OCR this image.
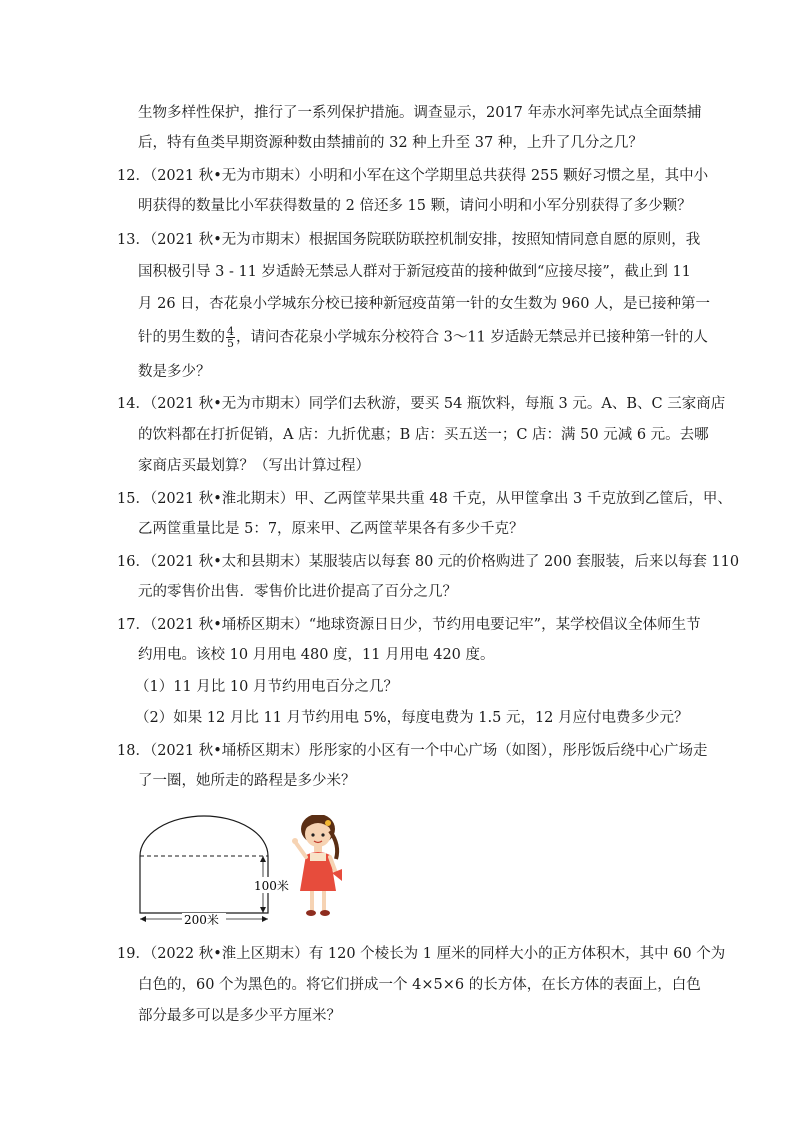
生物多样性保护，推行了一系列保护措施。调查显示，2017 年赤水河率先试点全面禁捕
后，特有鱼类早期资源种数由禁捕前的 32 种上升至 37 种，上升了几分之几？
12．（2021 秋•无为市期末）小明和小军在这个学期里总共获得 255 颗好习惯之星，其中小
明获得的数量比小军获得数量的 2 倍还多 15 颗，请问小明和小军分别获得了多少颗？
13．（2021 秋•无为市期末）根据国务院联防联控机制安排，按照知情同意自愿的原则，我
国积极引导 3 - 11 岁适龄无禁忌人群对于新冠疫苗的接种做到“应接尽接”，截止到 11
月 26 日，杏花泉小学城东分校已接种新冠疫苗第一针的女生数为 960 人，是已接种第一
针的男生数的 $\frac{4}{5}$ ，请问杏花泉小学城东分校符合 3～11 岁适龄无禁忌并已接种第一针的人
数是多少？
14．（2021 秋•无为市期末）同学们去秋游，要买 54 瓶饮料，每瓶 3 元。A、B、C 三家商店
的饮料都在打折促销，A 店：九折优惠；B 店：买五送一；C 店：满 50 元减 6 元。去哪
家商店买最划算？（写出计算过程）
15．（2021 秋•淮北期末）甲、乙两筐苹果共重 48 千克，从甲筐拿出 3 千克放到乙筐后，甲、
乙两筐重量比是 5：7，原来甲、乙两筐苹果各有多少千克？
16．（2021 秋•太和县期末）某服装店以每套 80 元的价格购进了 200 套服装，后来以每套 110
元的零售价出售．零售价比进价提高了百分之几？
17．（2021 秋•埇桥区期末）“地球资源日日少，节约用电要记牢”，某学校倡议全体师生节
约用电。该校 10 月用电 480 度，11 月用电 420 度。
（1）11 月比 10 月节约用电百分之几？
（2）如果 12 月比 11 月节约用电 5%，每度电费为 1.5 元，12 月应付电费多少元？
18．（2021 秋•埇桥区期末）彤彤家的小区有一个中心广场（如图），彤彤饭后绕中心广场走
了一圈，她所走的路程是多少米？
100米
200米
19．（2022 秋•淮上区期末）有 120 个棱长为 1 厘米的同样大小的正方体积木，其中 60 个为
白色的，60 个为黑色的。将它们拼成一个 4×5×6 的长方体，在长方体的表面上，白色
部分最多可以是多少平方厘米？
